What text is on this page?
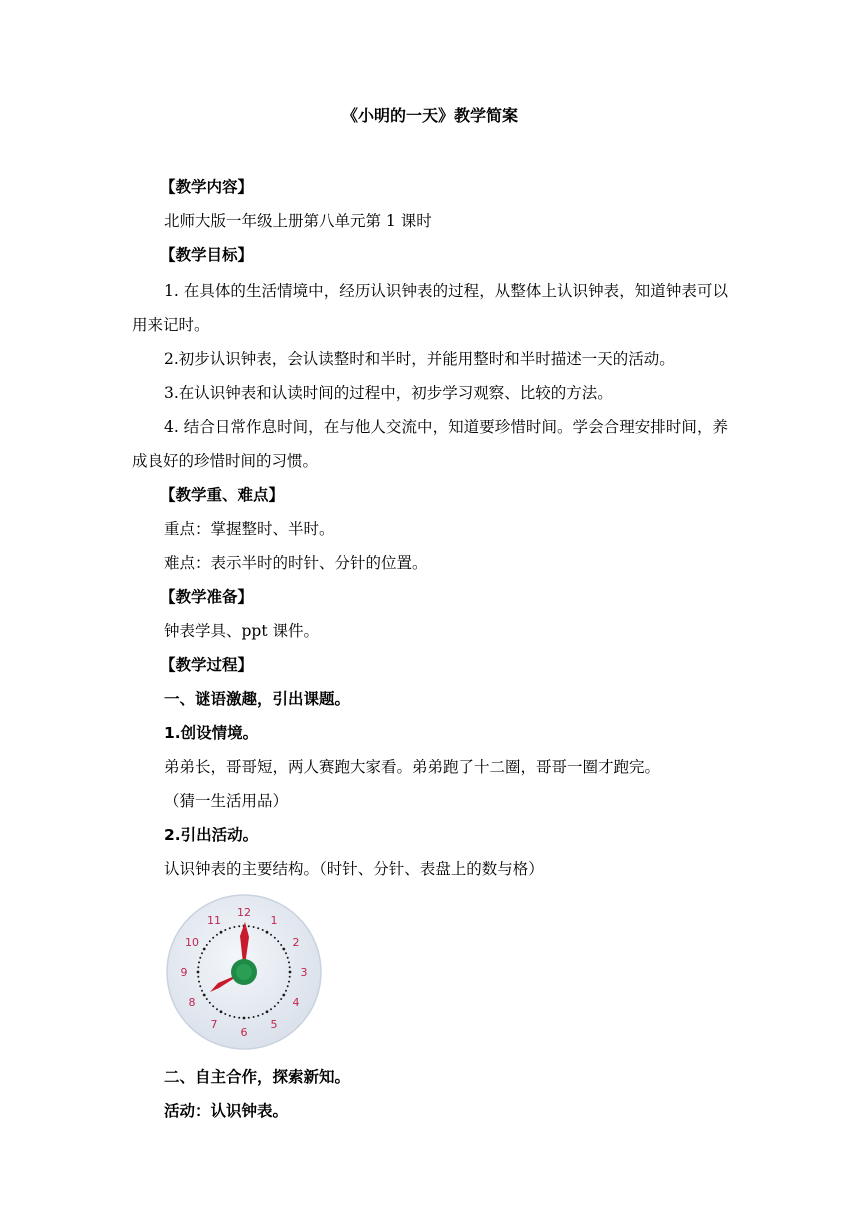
《小明的一天》教学简案
【教学内容】
北师大版一年级上册第八单元第 1 课时
【教学目标】
1. 在具体的生活情境中，经历认识钟表的过程，从整体上认识钟表，知道钟表可以用来记时。
2.初步认识钟表，会认读整时和半时，并能用整时和半时描述一天的活动。
3.在认识钟表和认读时间的过程中，初步学习观察、比较的方法。
4. 结合日常作息时间，在与他人交流中，知道要珍惜时间。学会合理安排时间，养成良好的珍惜时间的习惯。
【教学重、难点】
重点：掌握整时、半时。
难点：表示半时的时针、分针的位置。
【教学准备】
钟表学具、ppt 课件。
【教学过程】
一、谜语激趣，引出课题。
1.创设情境。
弟弟长，哥哥短，两人赛跑大家看。弟弟跑了十二圈，哥哥一圈才跑完。
（猜一生活用品）
2.引出活动。
认识钟表的主要结构。（时针、分针、表盘上的数与格）
12
1
2
3
4
5
6
7
8
9
10
11
二、自主合作，探索新知。
活动：认识钟表。
